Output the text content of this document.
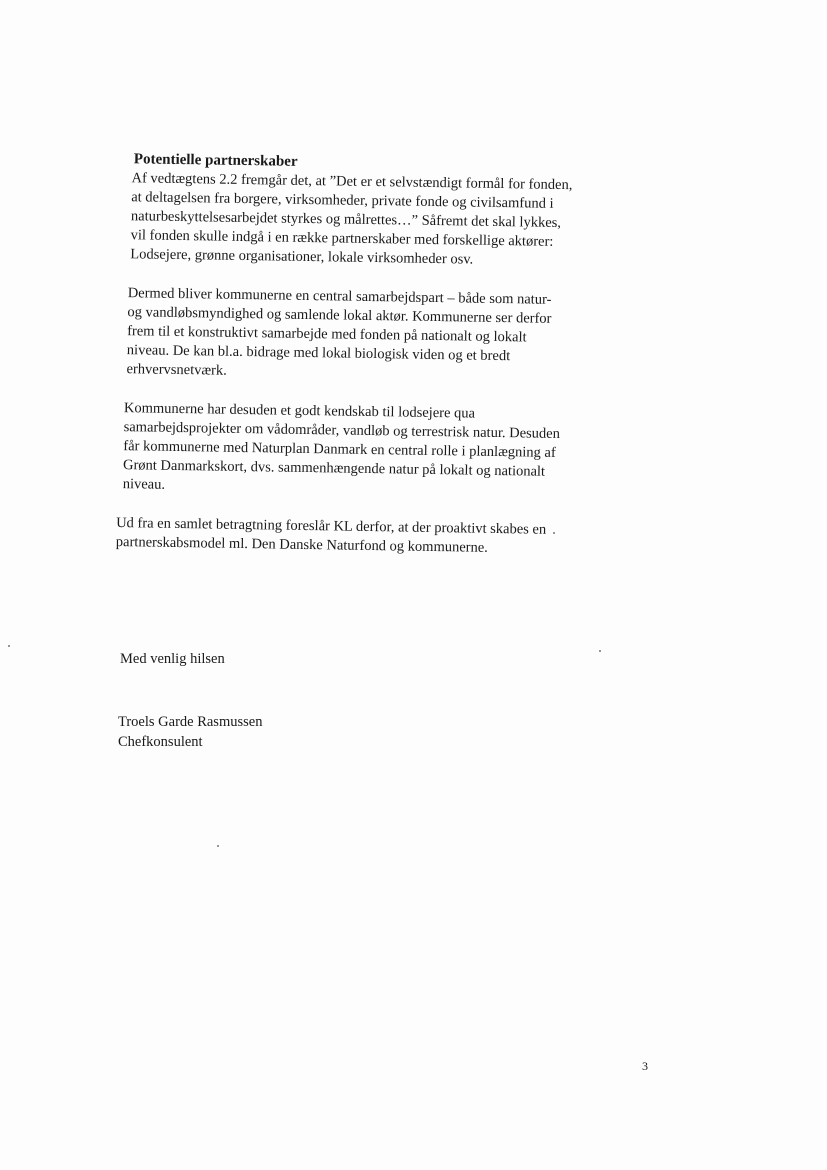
Potentielle partnerskaber

Af vedtægtens 2.2 fremgår det, at ”Det er et selvstændigt formål for fonden,
at deltagelsen fra borgere, virksomheder, private fonde og civilsamfund i
naturbeskyttelsesarbejdet styrkes og målrettes…” Såfremt det skal lykkes,
vil fonden skulle indgå i en række partnerskaber med forskellige aktører:
Lodsejere, grønne organisationer, lokale virksomheder osv.

Dermed bliver kommunerne en central samarbejdspart – både som natur-
og vandløbsmyndighed og samlende lokal aktør. Kommunerne ser derfor
frem til et konstruktivt samarbejde med fonden på nationalt og lokalt
niveau. De kan bl.a. bidrage med lokal biologisk viden og et bredt
erhvervsnetværk.

Kommunerne har desuden et godt kendskab til lodsejere qua
samarbejdsprojekter om vådområder, vandløb og terrestrisk natur. Desuden
får kommunerne med Naturplan Danmark en central rolle i planlægning af
Grønt Danmarkskort, dvs. sammenhængende natur på lokalt og nationalt
niveau.

Ud fra en samlet betragtning foreslår KL derfor, at der proaktivt skabes en
partnerskabsmodel ml. Den Danske Naturfond og kommunerne.

Med venlig hilsen
Troels Garde Rasmussen
Chefkonsulent
3
